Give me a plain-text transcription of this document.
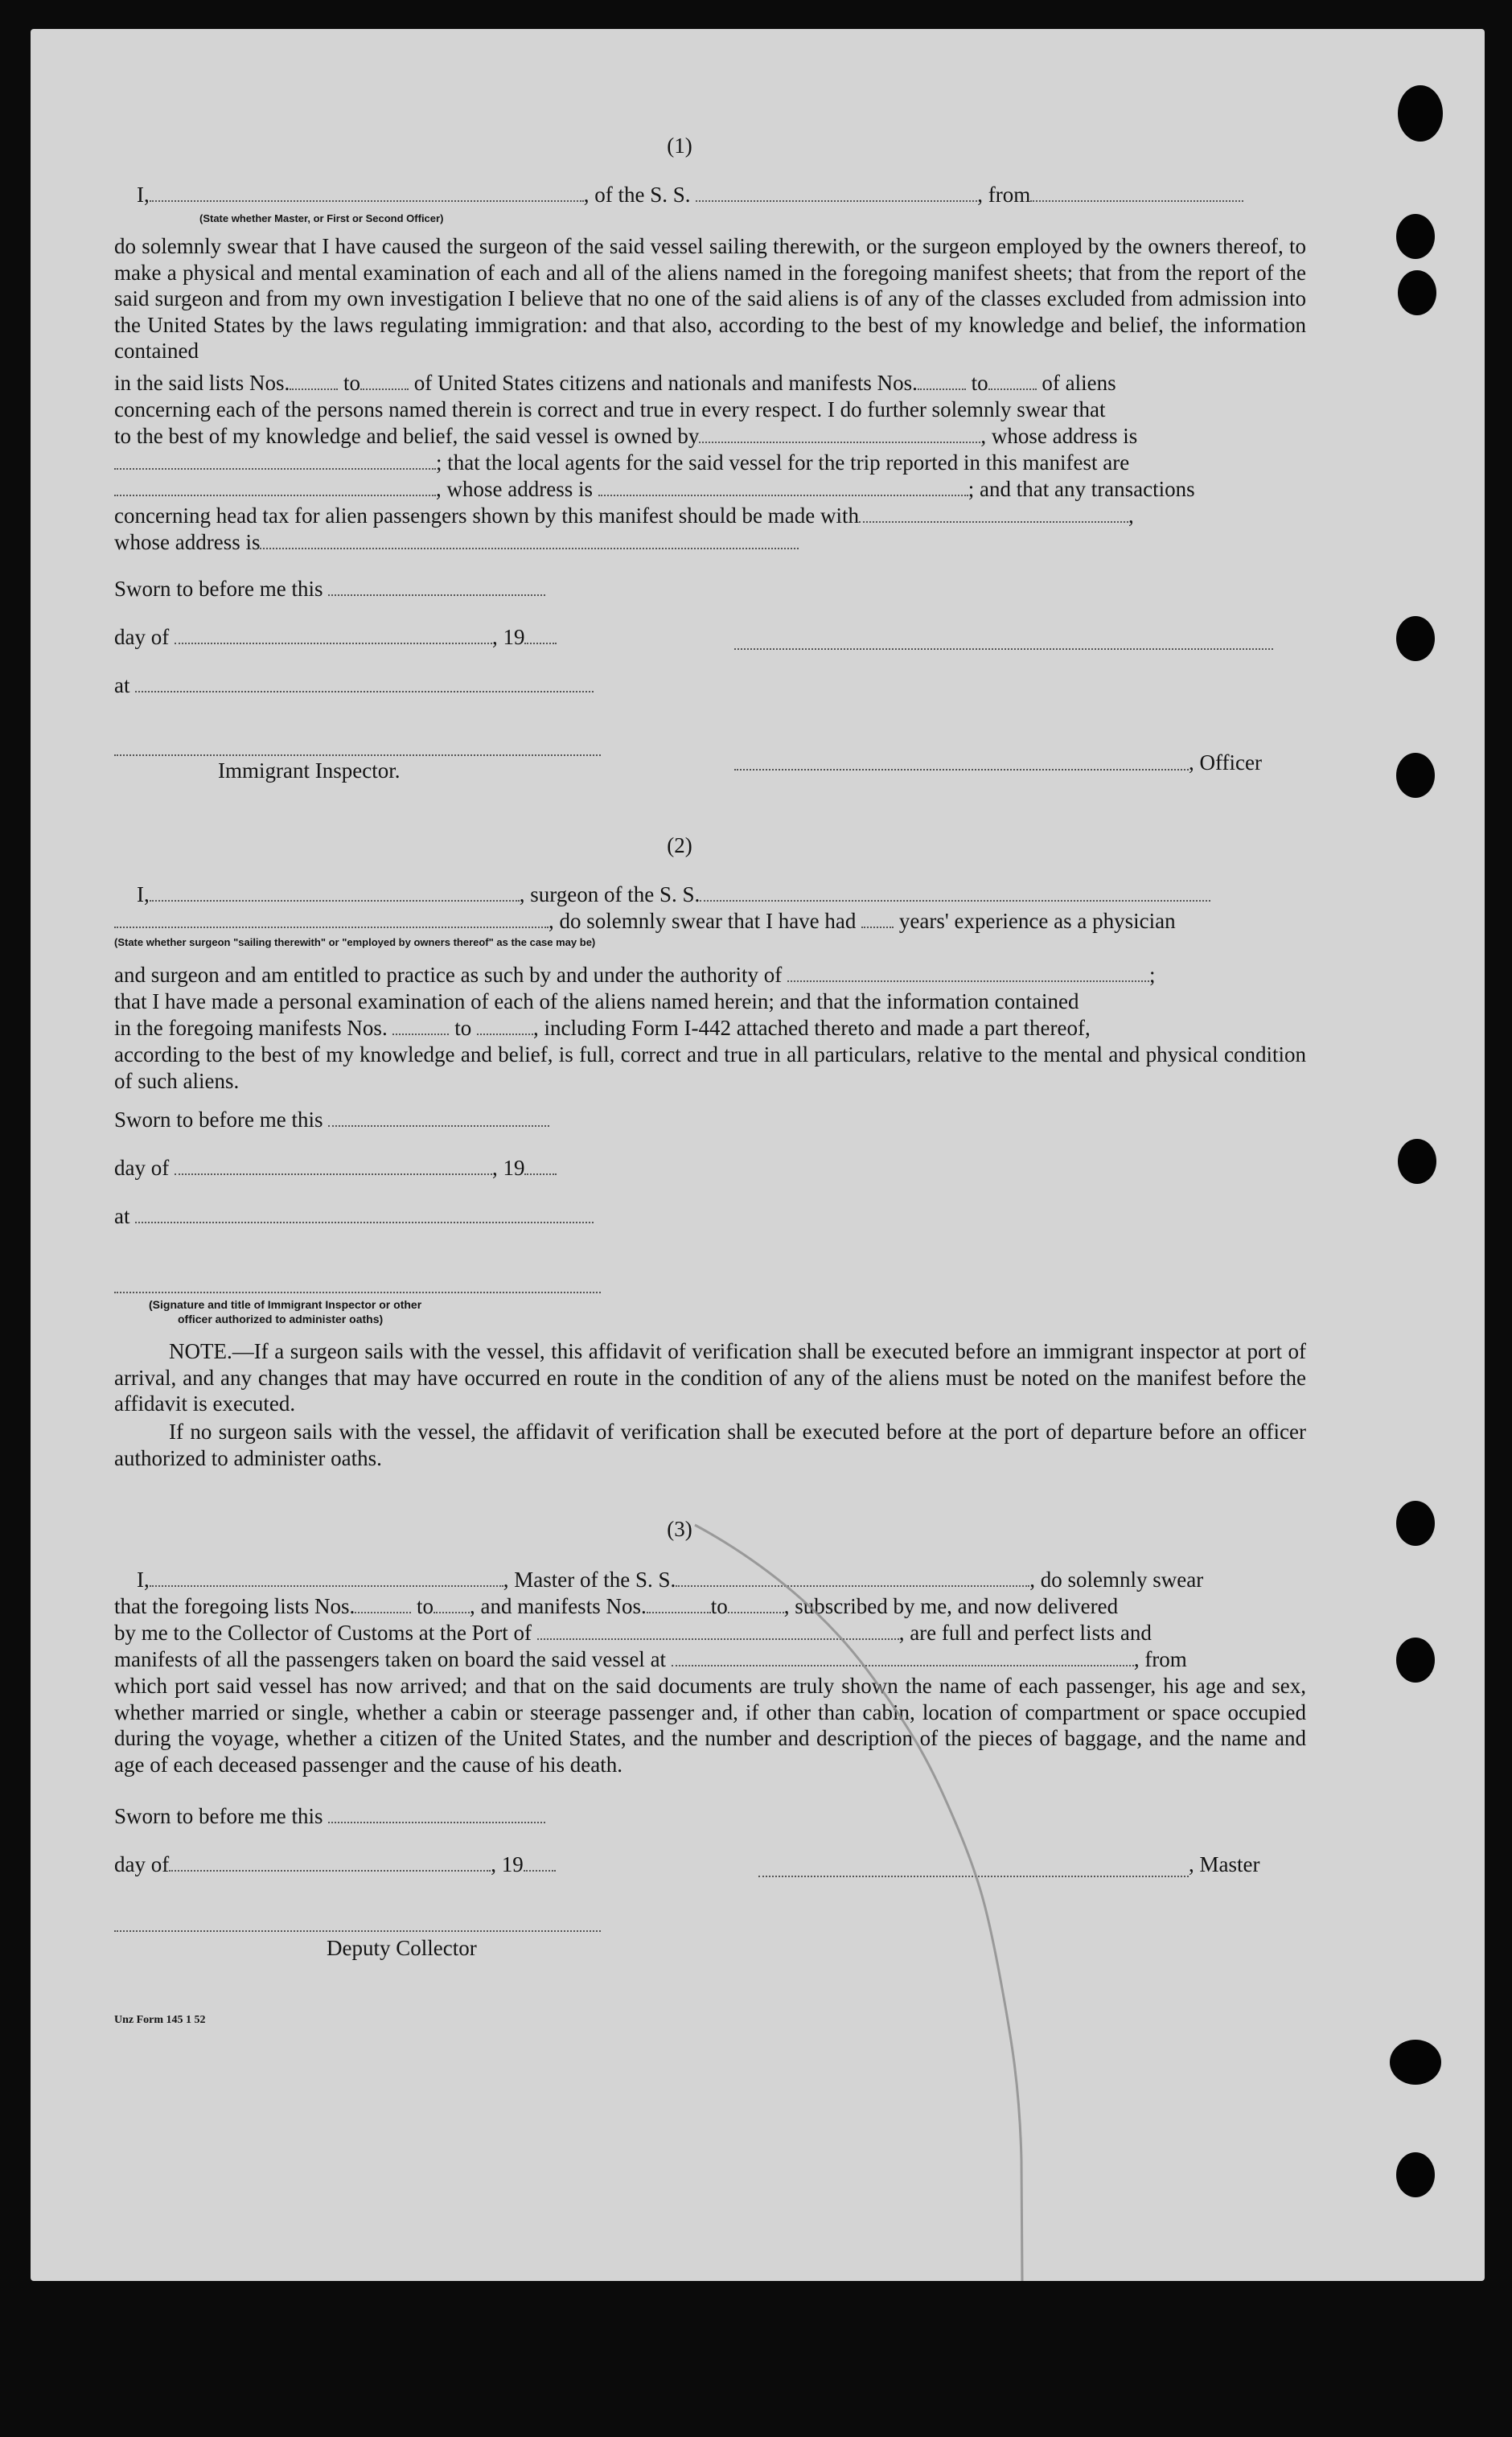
(1)
I,	, of the S. S.	, from
(State whether Master, or First or Second Officer)
do solemnly swear that I have caused the surgeon of the said vessel sailing therewith, or the surgeon employed by the owners thereof, to make a physical and mental examination of each and all of the aliens named in the foregoing manifest sheets; that from the report of the said surgeon and from my own investigation I believe that no one of the said aliens is of any of the classes excluded from admission into the United States by the laws regulating immigration: and that also, according to the best of my knowledge and belief, the information contained
in the said lists Nos. to of United States citizens and nationals and manifests Nos. to of aliens
concerning each of the persons named therein is correct and true in every respect. I do further solemnly swear that
to the best of my knowledge and belief, the said vessel is owned by	, whose address is
; that the local agents for the said vessel for the trip reported in this manifest are
, whose address is	; and that any transactions
concerning head tax for alien passengers shown by this manifest should be made with	,
whose address is
Sworn to before me this
day of	, 19
at
, Officer
Immigrant Inspector.
(2)
I,	, surgeon of the S. S.
, do solemnly swear that I have had years' experience as a physician
(State whether surgeon "sailing therewith" or "employed by owners thereof" as the case may be)
and surgeon and am entitled to practice as such by and under the authority of	;
that I have made a personal examination of each of the aliens named herein; and that the information contained
in the foregoing manifests Nos.	to	, including Form I-442 attached thereto and made a part thereof,
according to the best of my knowledge and belief, is full, correct and true in all particulars, relative to the mental and physical condition of such aliens.
Sworn to before me this
day of	, 19
at
(Signature and title of Immigrant Inspector or other
officer authorized to administer oaths)
NOTE.—If a surgeon sails with the vessel, this affidavit of verification shall be executed before an immigrant inspector at port of arrival, and any changes that may have occurred en route in the condition of any of the aliens must be noted on the manifest before the affidavit is executed.
If no surgeon sails with the vessel, the affidavit of verification shall be executed before at the port of departure before an officer authorized to administer oaths.
(3)
I,	, Master of the S. S.	, do solemnly swear
that the foregoing lists Nos.	to , and manifests Nos.	to	, subscribed by me, and now delivered
by me to the Collector of Customs at the Port of	, are full and perfect lists and
manifests of all the passengers taken on board the said vessel at	, from
which port said vessel has now arrived; and that on the said documents are truly shown the name of each passenger, his age and sex, whether married or single, whether a cabin or steerage passenger and, if other than cabin, location of compartment or space occupied during the voyage, whether a citizen of the United States, and the number and description of the pieces of baggage, and the name and age of each deceased passenger and the cause of his death.
Sworn to before me this
day of	, 19	, Master
Deputy Collector
Unz Form 145 1 52
